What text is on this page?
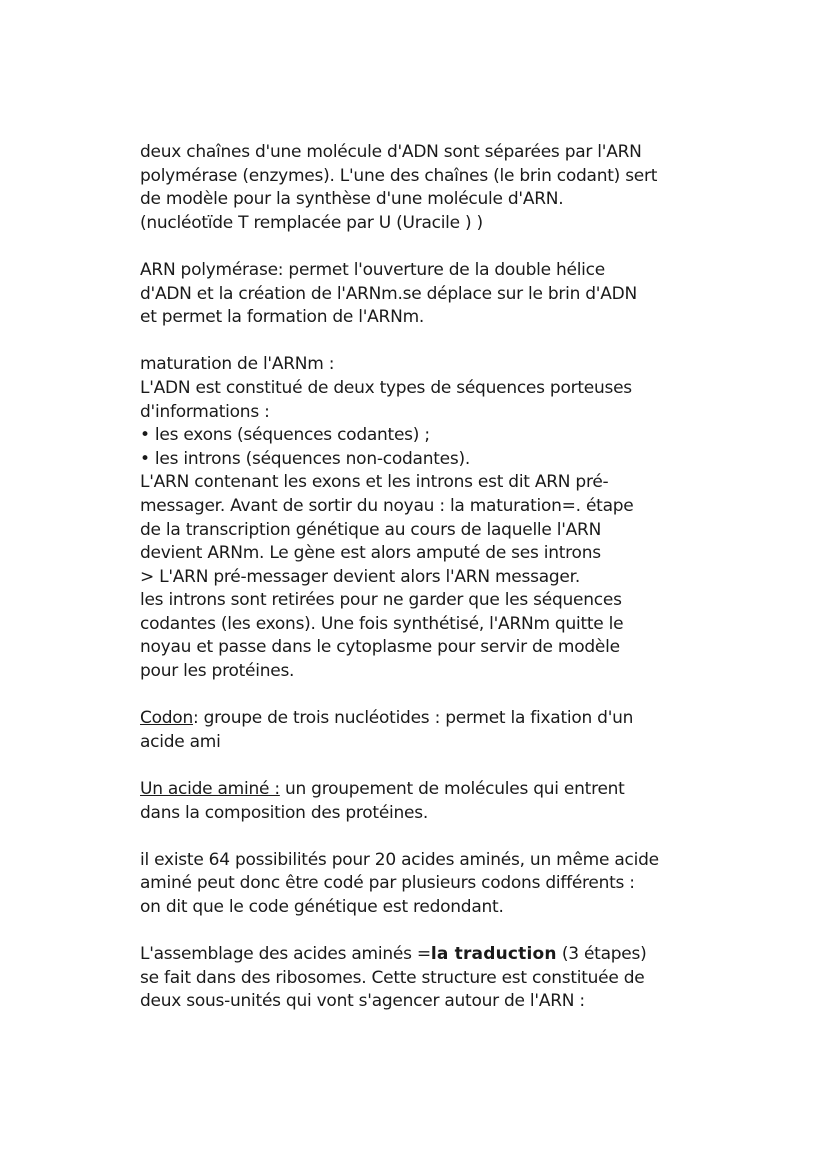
deux chaînes d'une molécule d'ADN sont séparées par l'ARN
polymérase (enzymes). L'une des chaînes (le brin codant) sert
de modèle pour la synthèse d'une molécule d'ARN.
(nucléotïde T remplacée par U (Uracile ) )
ARN polymérase: permet l'ouverture de la double hélice
d'ADN et la création de l'ARNm.se déplace sur le brin d'ADN
et permet la formation de l'ARNm.
maturation de l'ARNm :
L'ADN est constitué de deux types de séquences porteuses
d'informations :
• les exons (séquences codantes) ;
• les introns (séquences non-codantes).
L'ARN contenant les exons et les introns est dit ARN pré-
messager. Avant de sortir du noyau : la maturation=. étape
de la transcription génétique au cours de laquelle l'ARN
devient ARNm. Le gène est alors amputé de ses introns
> L'ARN pré-messager devient alors l'ARN messager.
les introns sont retirées pour ne garder que les séquences
codantes (les exons). Une fois synthétisé, l'ARNm quitte le
noyau et passe dans le cytoplasme pour servir de modèle
pour les protéines.
Codon: groupe de trois nucléotides : permet la fixation d'un
acide ami
Un acide aminé : un groupement de molécules qui entrent
dans la composition des protéines.
il existe 64 possibilités pour 20 acides aminés, un même acide
aminé peut donc être codé par plusieurs codons différents :
on dit que le code génétique est redondant.
L'assemblage des acides aminés =la traduction (3 étapes)
se fait dans des ribosomes. Cette structure est constituée de
deux sous-unités qui vont s'agencer autour de l'ARN :
